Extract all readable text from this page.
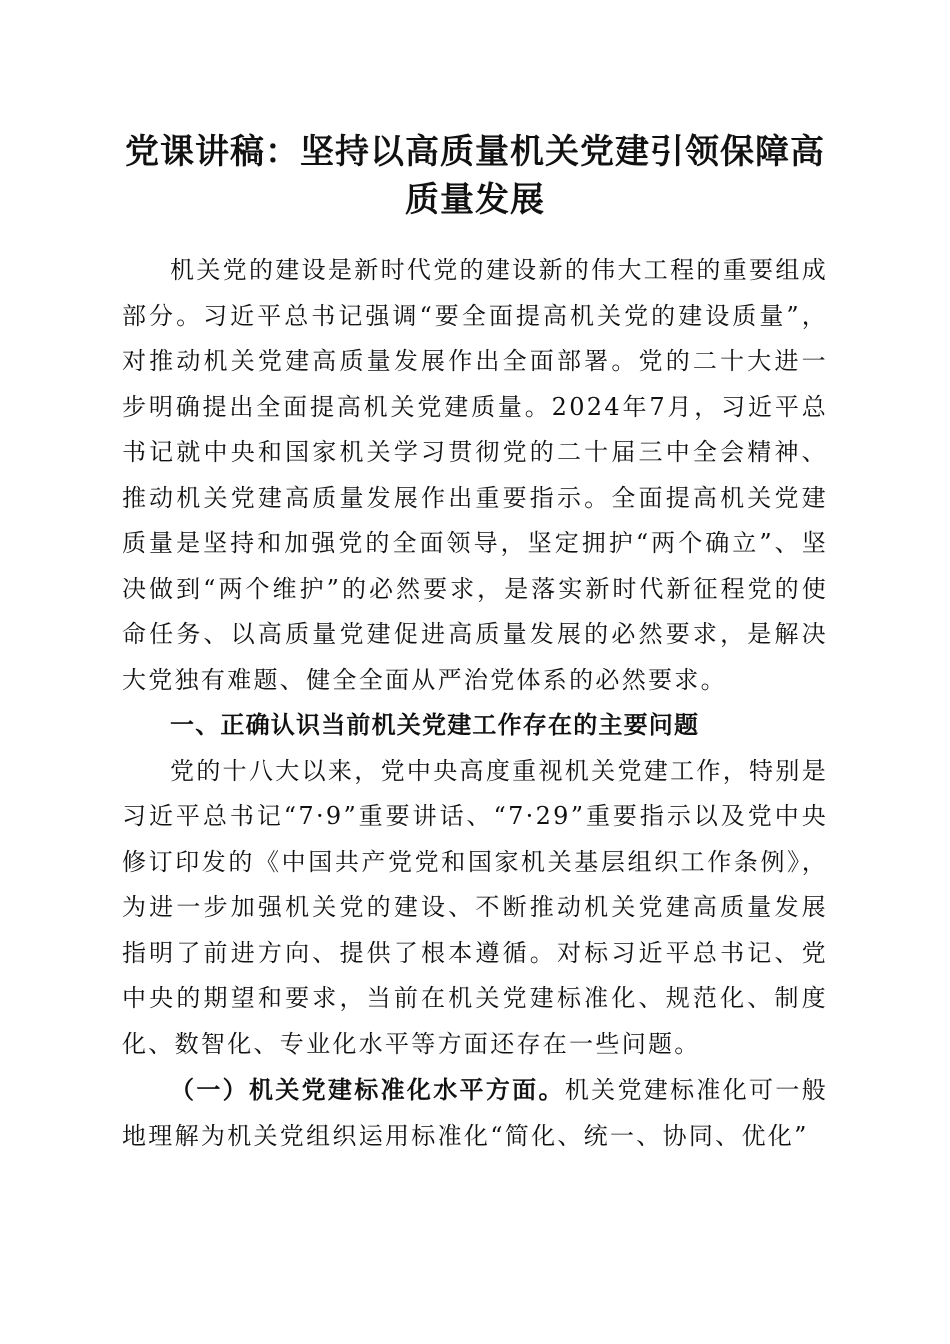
党课讲稿：坚持以高质量机关党建引领保障高质量发展

机关党的建设是新时代党的建设新的伟大工程的重要组成部分。习近平总书记强调“要全面提高机关党的建设质量”，对推动机关党建高质量发展作出全面部署。党的二十大进一步明确提出全面提高机关党建质量。2024年7月，习近平总书记就中央和国家机关学习贯彻党的二十届三中全会精神、推动机关党建高质量发展作出重要指示。全面提高机关党建质量是坚持和加强党的全面领导，坚定拥护“两个确立”、坚决做到“两个维护”的必然要求，是落实新时代新征程党的使命任务、以高质量党建促进高质量发展的必然要求，是解决大党独有难题、健全全面从严治党体系的必然要求。

一、正确认识当前机关党建工作存在的主要问题

党的十八大以来，党中央高度重视机关党建工作，特别是习近平总书记“7·9”重要讲话、“7·29”重要指示以及党中央修订印发的《中国共产党党和国家机关基层组织工作条例》，为进一步加强机关党的建设、不断推动机关党建高质量发展指明了前进方向、提供了根本遵循。对标习近平总书记、党中央的期望和要求，当前在机关党建标准化、规范化、制度化、数智化、专业化水平等方面还存在一些问题。

（一）机关党建标准化水平方面。机关党建标准化可一般地理解为机关党组织运用标准化“简化、统一、协同、优化”
